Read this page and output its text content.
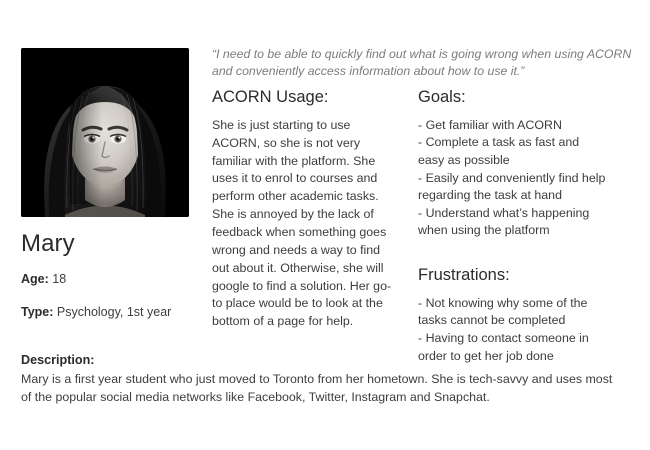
Mary
Age: 18
Type: Psychology, 1st year
“I need to be able to quickly find out what is going wrong when using ACORN and conveniently access information about how to use it.”
ACORN Usage:

She is just starting to use ACORN, so she is not very familiar with the platform. She uses it to enrol to courses and perform other academic tasks. She is annoyed by the lack of feedback when something goes wrong and needs a way to find out about it. Otherwise, she will google to find a solution. Her go-to place would be to look at the bottom of a page for help.

Goals:
- Get familiar with ACORN
- Complete a task as fast and easy as possible
- Easily and conveniently find help regarding the task at hand
- Understand what’s happening when using the platform
Frustrations:
- Not knowing why some of the tasks cannot be completed
- Having to contact someone in order to get her job done
Description:

Mary is a first year student who just moved to Toronto from her hometown. She is tech-savvy and uses most of the popular social media networks like Facebook, Twitter, Instagram and Snapchat.
